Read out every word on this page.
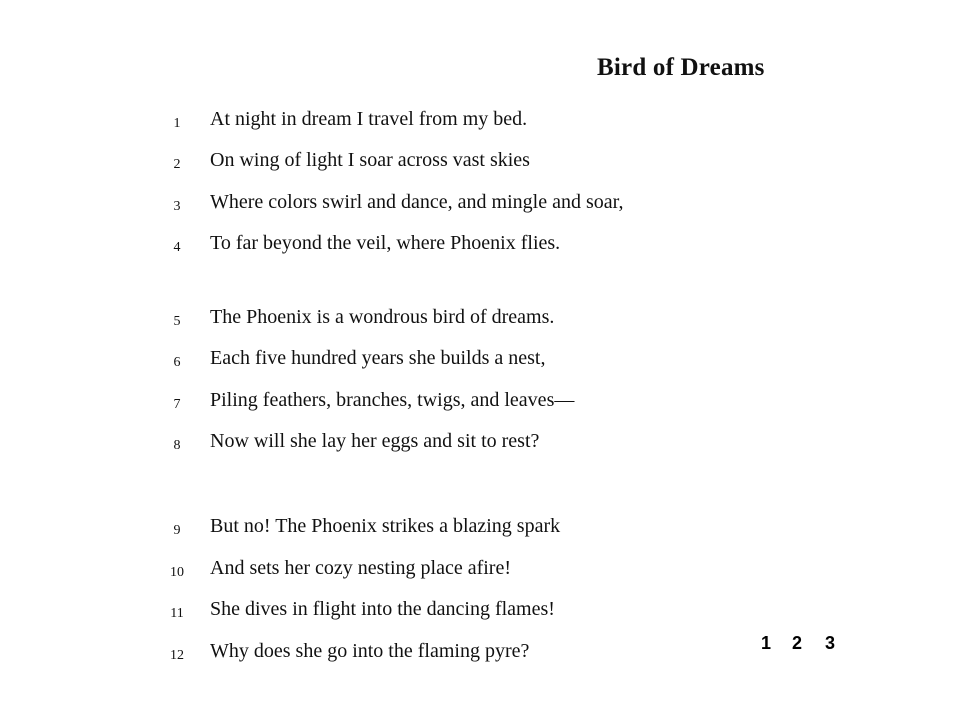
Bird of Dreams
1	At night in dream I travel from my bed.
2	On wing of light I soar across vast skies
3	Where colors swirl and dance, and mingle and soar,
4	To far beyond the veil, where Phoenix flies.
5	The Phoenix is a wondrous bird of dreams.
6	Each five hundred years she builds a nest,
7	Piling feathers, branches, twigs, and leaves—
8	Now will she lay her eggs and sit to rest?
9	But no! The Phoenix strikes a blazing spark
10	And sets her cozy nesting place afire!
11	She dives in flight into the dancing flames!
12	Why does she go into the flaming pyre?	1 2 3
